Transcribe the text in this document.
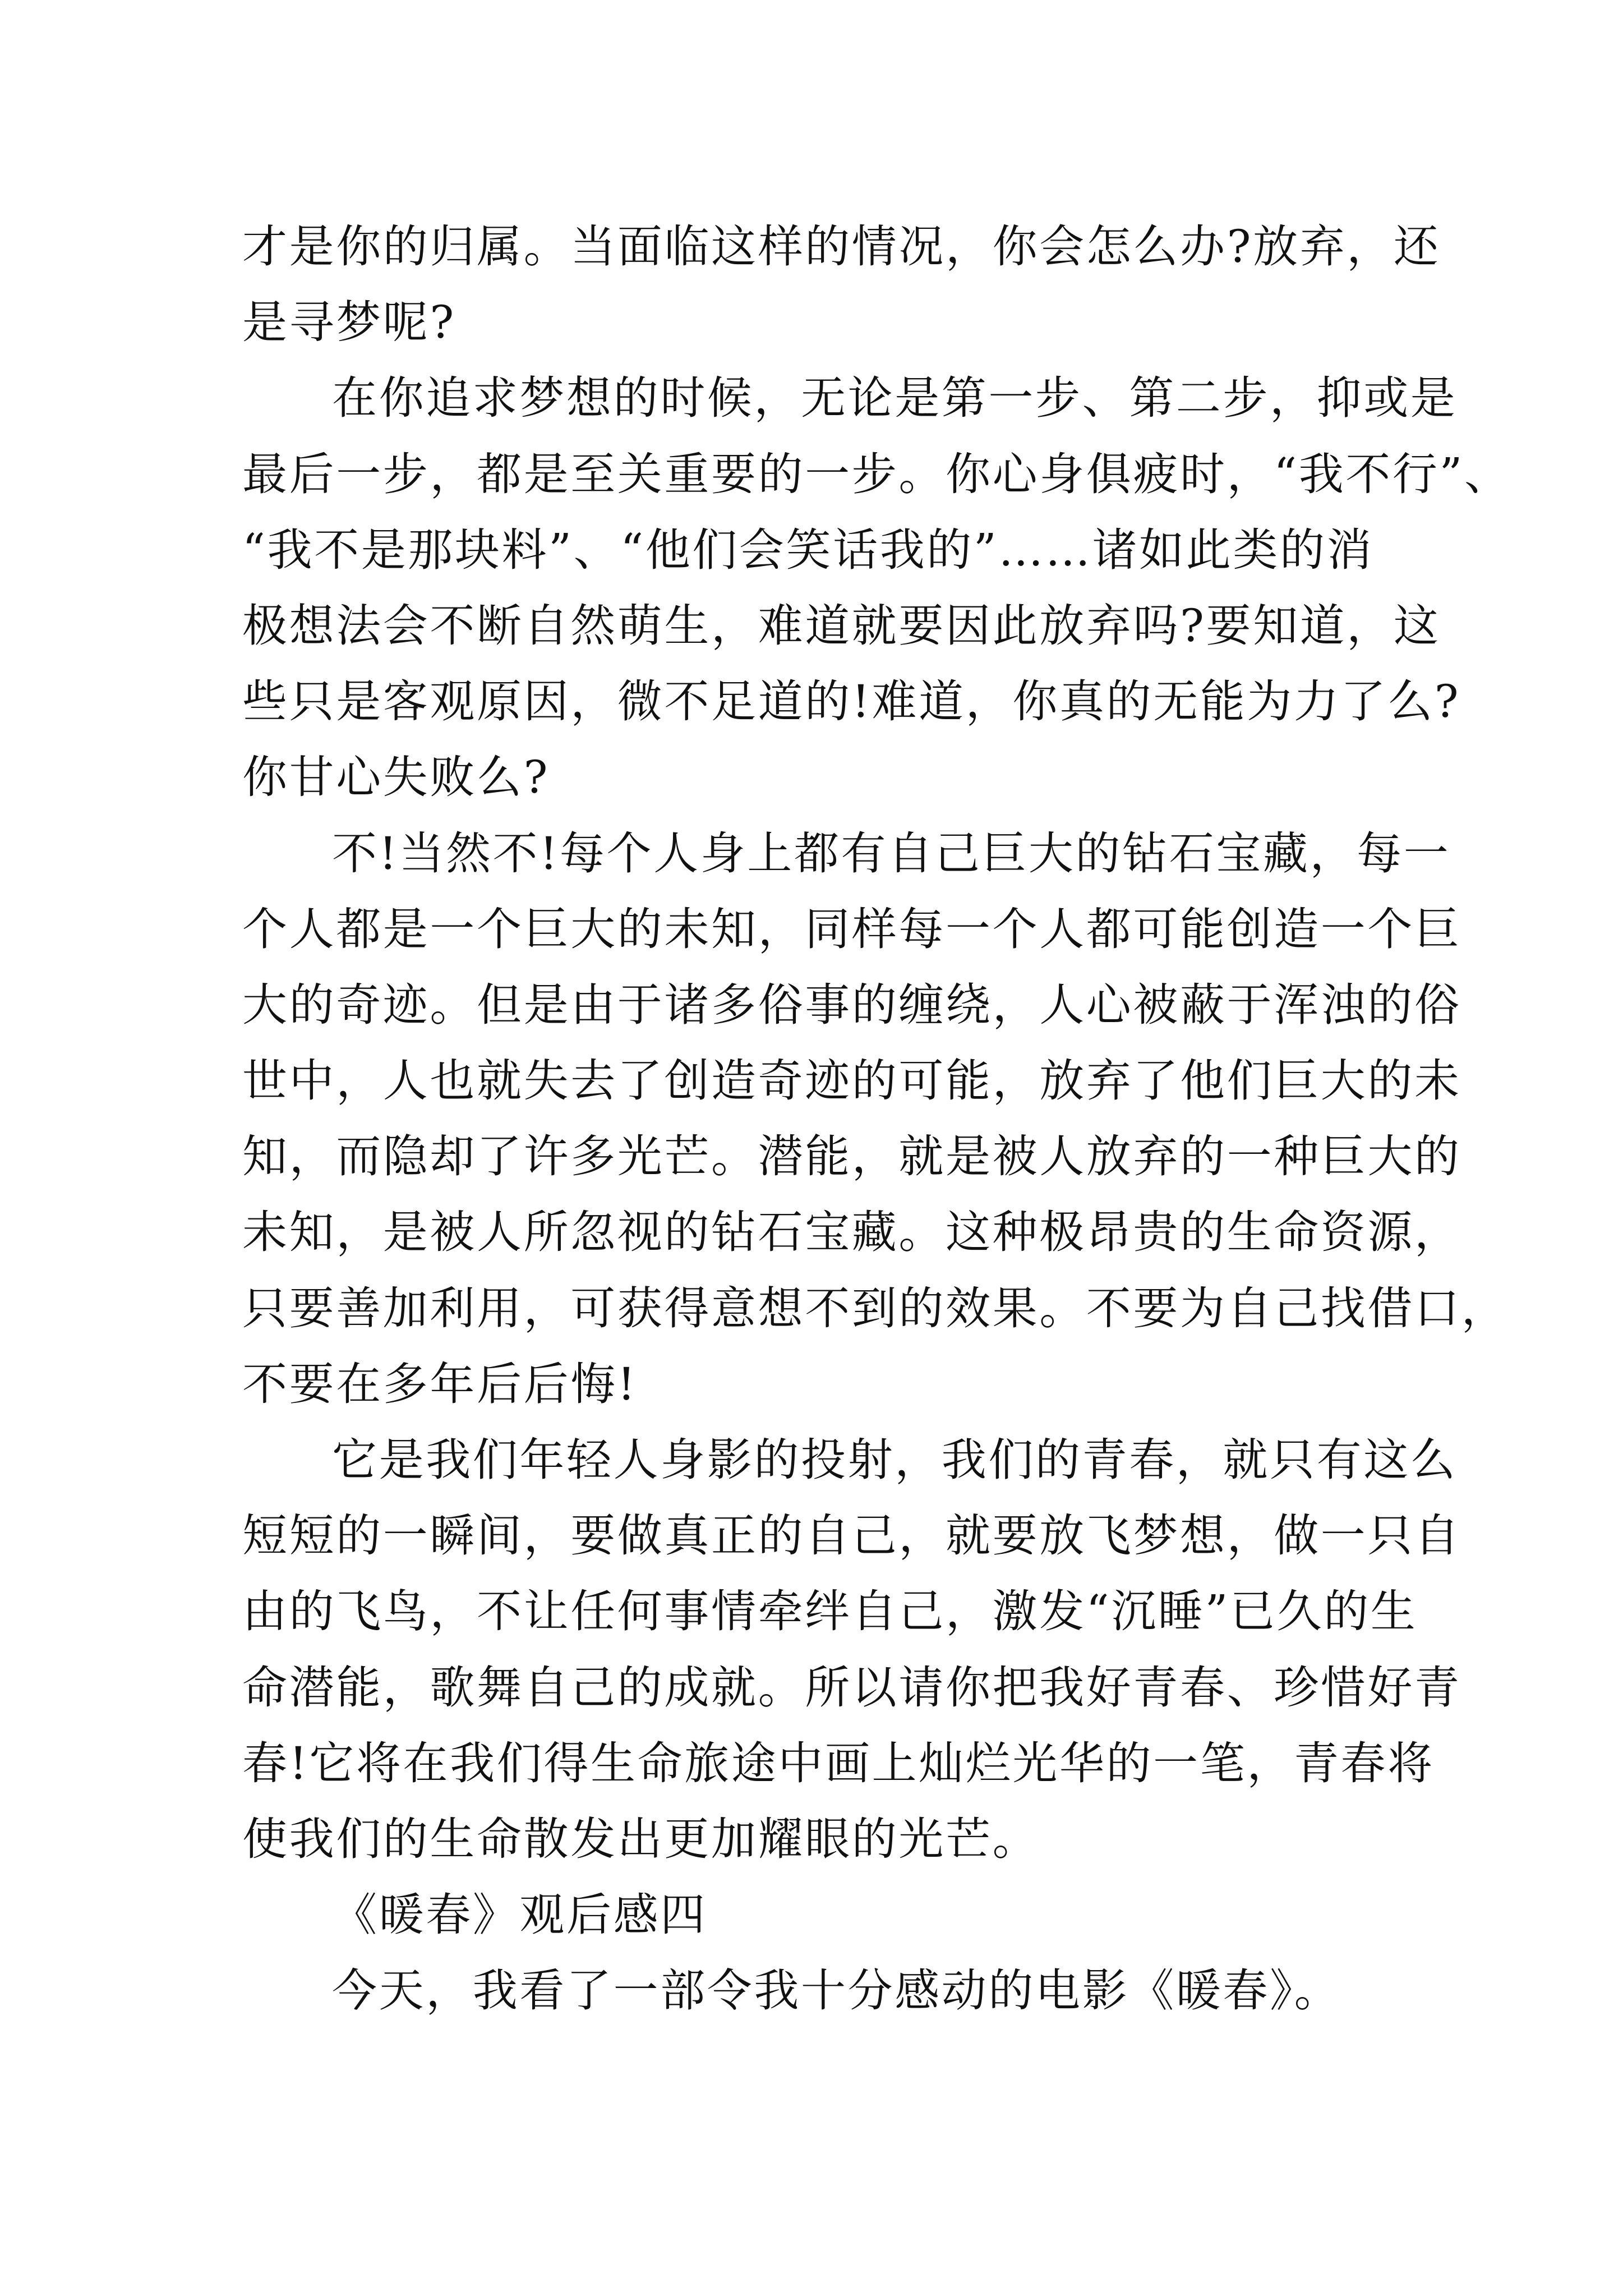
才是你的归属。当面临这样的情况，你会怎么办?放弃，还
是寻梦呢?
在你追求梦想的时候，无论是第一步、第二步，抑或是
最后一步，都是至关重要的一步。你心身俱疲时，“我不行”、
“我不是那块料”、“他们会笑话我的”……诸如此类的消
极想法会不断自然萌生，难道就要因此放弃吗?要知道，这
些只是客观原因，微不足道的!难道，你真的无能为力了么?
你甘心失败么?
不!当然不!每个人身上都有自己巨大的钻石宝藏，每一
个人都是一个巨大的未知，同样每一个人都可能创造一个巨
大的奇迹。但是由于诸多俗事的缠绕，人心被蔽于浑浊的俗
世中，人也就失去了创造奇迹的可能，放弃了他们巨大的未
知，而隐却了许多光芒。潜能，就是被人放弃的一种巨大的
未知，是被人所忽视的钻石宝藏。这种极昂贵的生命资源，
只要善加利用，可获得意想不到的效果。不要为自己找借口，
不要在多年后后悔!
它是我们年轻人身影的投射，我们的青春，就只有这么
短短的一瞬间，要做真正的自己，就要放飞梦想，做一只自
由的飞鸟，不让任何事情牵绊自己，激发“沉睡”已久的生
命潜能，歌舞自己的成就。所以请你把我好青春、珍惜好青
春!它将在我们得生命旅途中画上灿烂光华的一笔，青春将
使我们的生命散发出更加耀眼的光芒。
《暖春》观后感四
今天，我看了一部令我十分感动的电影《暖春》。
